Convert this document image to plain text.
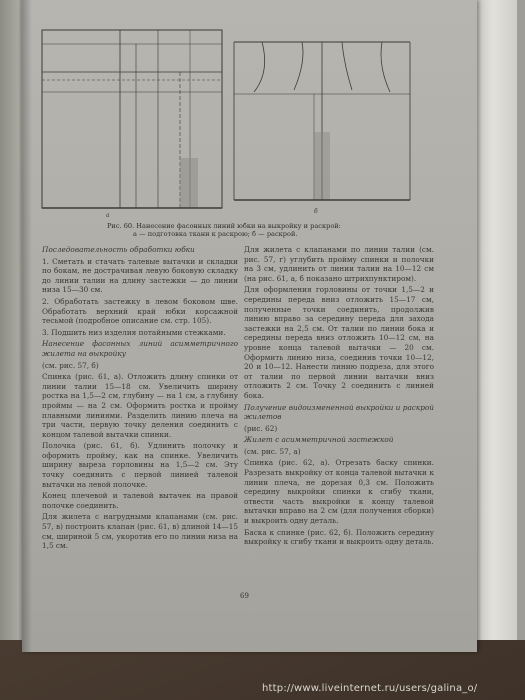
а
б
Рис. 60. Нанесение фасонных линий юбки на выкройку и раскрой:
а — подготовка ткани к раскрою; б — раскрой.

Последовательность обработки юбки

1. Сметать и стачать талевые вытачки и складки по бокам, не дострачивая левую боковую складку до линии талии на длину застежки — до линии низа 15—30 см.

2. Обработать застежку в левом боковом шве. Обработать верхний край юбки корсажной тесьмой (подробное описание см. стр. 105).

3. Подшить низ изделия потайными стежками.

Нанесение фасонных линий асимметричного жилета на выкройку

(см. рис. 57, б)

Спинка (рис. 61, а). Отложить длину спинки от линии талии 15—18 см. Увеличить ширину ростка на 1,5—2 см, глубину — на 1 см, а глубину проймы — на 2 см. Оформить ростка и пройму плавными линиями. Разделить линию плеча на три части, первую точку деления соединить с концом талевой вытачки спинки.

Полочка (рис. 61, б). Удлинить полочку и оформить пройму, как на спинке. Увеличить ширину выреза горловины на 1,5—2 см. Эту точку соединить с первой линией талевой вытачки на левой полочке.

Конец плечевой и талевой вытачек на правой полочке соединить.

Для жилета с нагрудными клапанами (см. рис. 57, в) построить клапан (рис. 61, в) длиной 14—15 см, шириной 5 см, укоротив его по линии низа на 1,5 см.

Для жилета с клапанами по линии талии (см. рис. 57, г) углубить пройму спинки и полочки на 3 см, удлинить от линии талии на 10—12 см (на рис. 61, а, б показано штрихпунктиром).

Для оформления горловины от точки 1,5—2 и середины переда вниз отложить 15—17 см, полученные точки соединить, продолжив линию вправо за середину переда для захода застежки на 2,5 см. От талии по линии бока и середины переда вниз отложить 10—12 см, на уровне конца талевой вытачки — 20 см. Оформить линию низа, соединив точки 10—12, 20 и 10—12. Нанести линию подреза, для этого от талии по первой линии вытачки вниз отложить 2 см. Точку 2 соединить с линией бока.

Получение видоизмененной выкройки и раскрой жилетов

(рис. 62)

Жилет с асимметричной застежкой

(см. рис. 57, а)

Спинка (рис. 62, а). Отрезать баску спинки. Разрезать выкройку от конца талевой вытачки к линии плеча, не дорезая 0,3 см. Положить середину выкройки спинки к сгибу ткани, отвести часть выкройки к концу талевой вытачки вправо на 2 см (для получения сборки) и выкроить одну деталь.

Баска к спинке (рис. 62, б). Положить середину выкройку к сгибу ткани и выкроить одну деталь.

69
http://www.liveinternet.ru/users/galina_o/
